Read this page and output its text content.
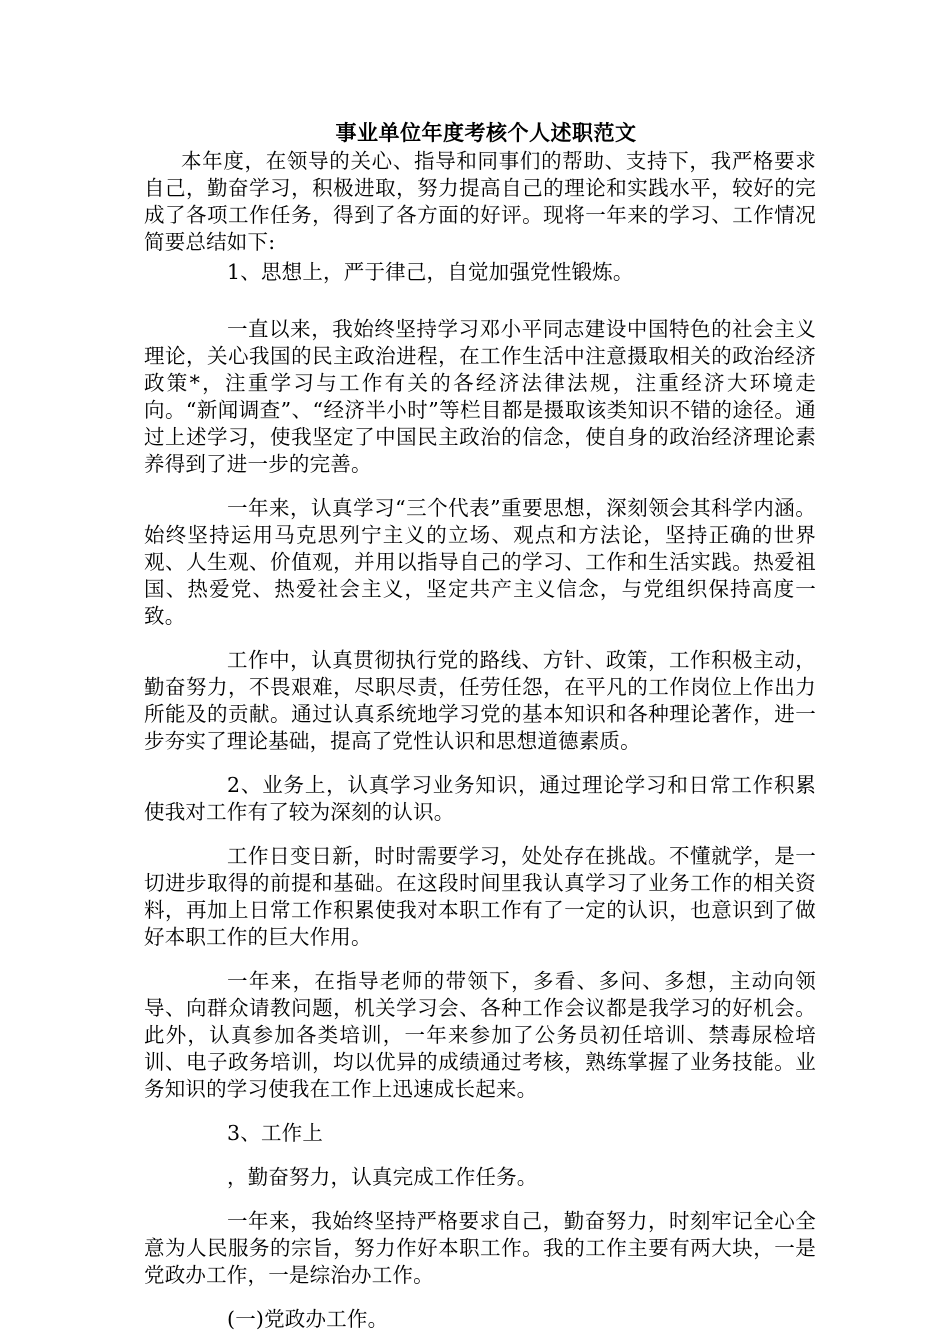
事业单位年度考核个人述职范文

本年度，在领导的关心、指导和同事们的帮助、支持下，我严格要求自己，勤奋学习，积极进取，努力提高自己的理论和实践水平，较好的完成了各项工作任务，得到了各方面的好评。现将一年来的学习、工作情况简要总结如下:

1、思想上，严于律己，自觉加强党性锻炼。

一直以来，我始终坚持学习邓小平同志建设中国特色的社会主义理论，关心我国的民主政治进程，在工作生活中注意摄取相关的政治经济政策*，注重学习与工作有关的各经济法律法规，注重经济大环境走向。“新闻调查”、“经济半小时”等栏目都是摄取该类知识不错的途径。通过上述学习，使我坚定了中国民主政治的信念，使自身的政治经济理论素养得到了进一步的完善。

一年来，认真学习“三个代表”重要思想，深刻领会其科学内涵。始终坚持运用马克思列宁主义的立场、观点和方法论，坚持正确的世界观、人生观、价值观，并用以指导自己的学习、工作和生活实践。热爱祖国、热爱党、热爱社会主义，坚定共产主义信念，与党组织保持高度一致。

工作中，认真贯彻执行党的路线、方针、政策，工作积极主动，勤奋努力，不畏艰难，尽职尽责，任劳任怨，在平凡的工作岗位上作出力所能及的贡献。通过认真系统地学习党的基本知识和各种理论著作，进一步夯实了理论基础，提高了党性认识和思想道德素质。

2、业务上，认真学习业务知识，通过理论学习和日常工作积累使我对工作有了较为深刻的认识。

工作日变日新，时时需要学习，处处存在挑战。不懂就学，是一切进步取得的前提和基础。在这段时间里我认真学习了业务工作的相关资料，再加上日常工作积累使我对本职工作有了一定的认识，也意识到了做好本职工作的巨大作用。

一年来，在指导老师的带领下，多看、多问、多想，主动向领导、向群众请教问题，机关学习会、各种工作会议都是我学习的好机会。此外，认真参加各类培训，一年来参加了公务员初任培训、禁毒尿检培训、电子政务培训，均以优异的成绩通过考核，熟练掌握了业务技能。业务知识的学习使我在工作上迅速成长起来。

3、工作上

，勤奋努力，认真完成工作任务。

一年来，我始终坚持严格要求自己，勤奋努力，时刻牢记全心全意为人民服务的宗旨，努力作好本职工作。我的工作主要有两大块，一是党政办工作，一是综治办工作。

(一)党政办工作。
